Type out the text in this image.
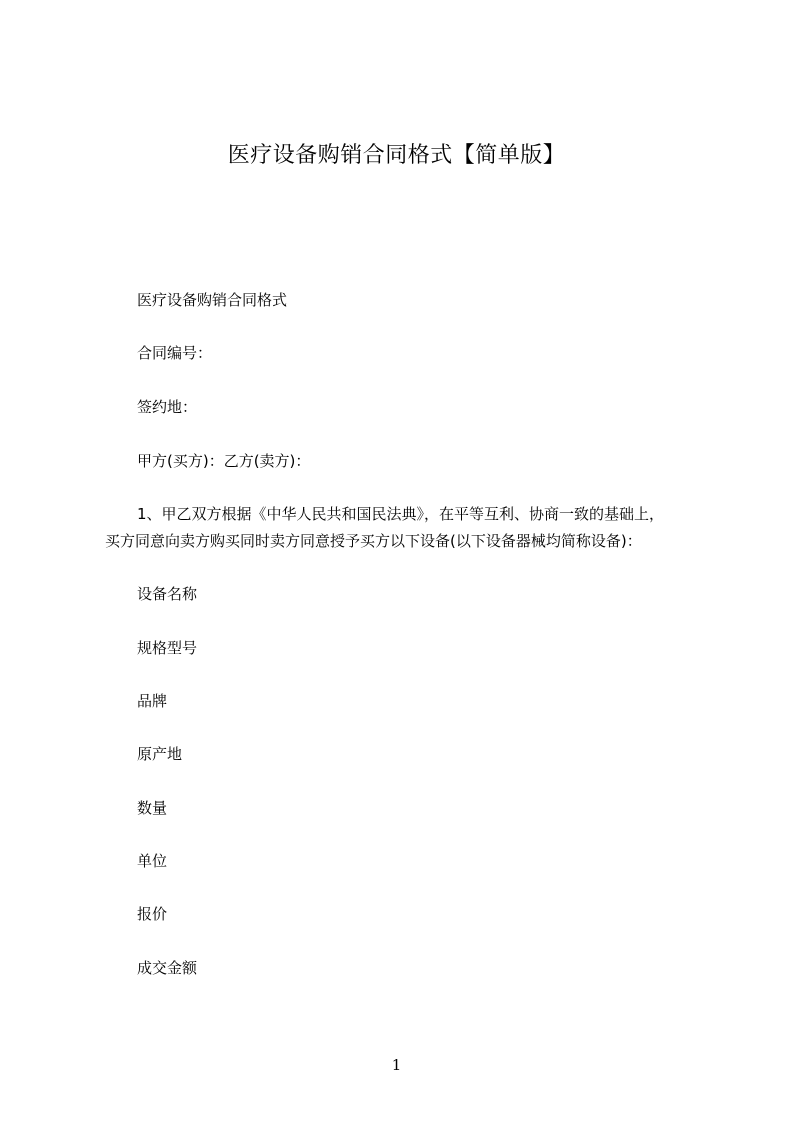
医疗设备购销合同格式【简单版】
医疗设备购销合同格式
合同编号：
签约地：
甲方(买方)：乙方(卖方)：
1、甲乙双方根据《中华人民共和国民法典》，在平等互利、协商一致的基础上，
买方同意向卖方购买同时卖方同意授予买方以下设备(以下设备器械均简称设备)：
设备名称
规格型号
品牌
原产地
数量
单位
报价
成交金额
1
